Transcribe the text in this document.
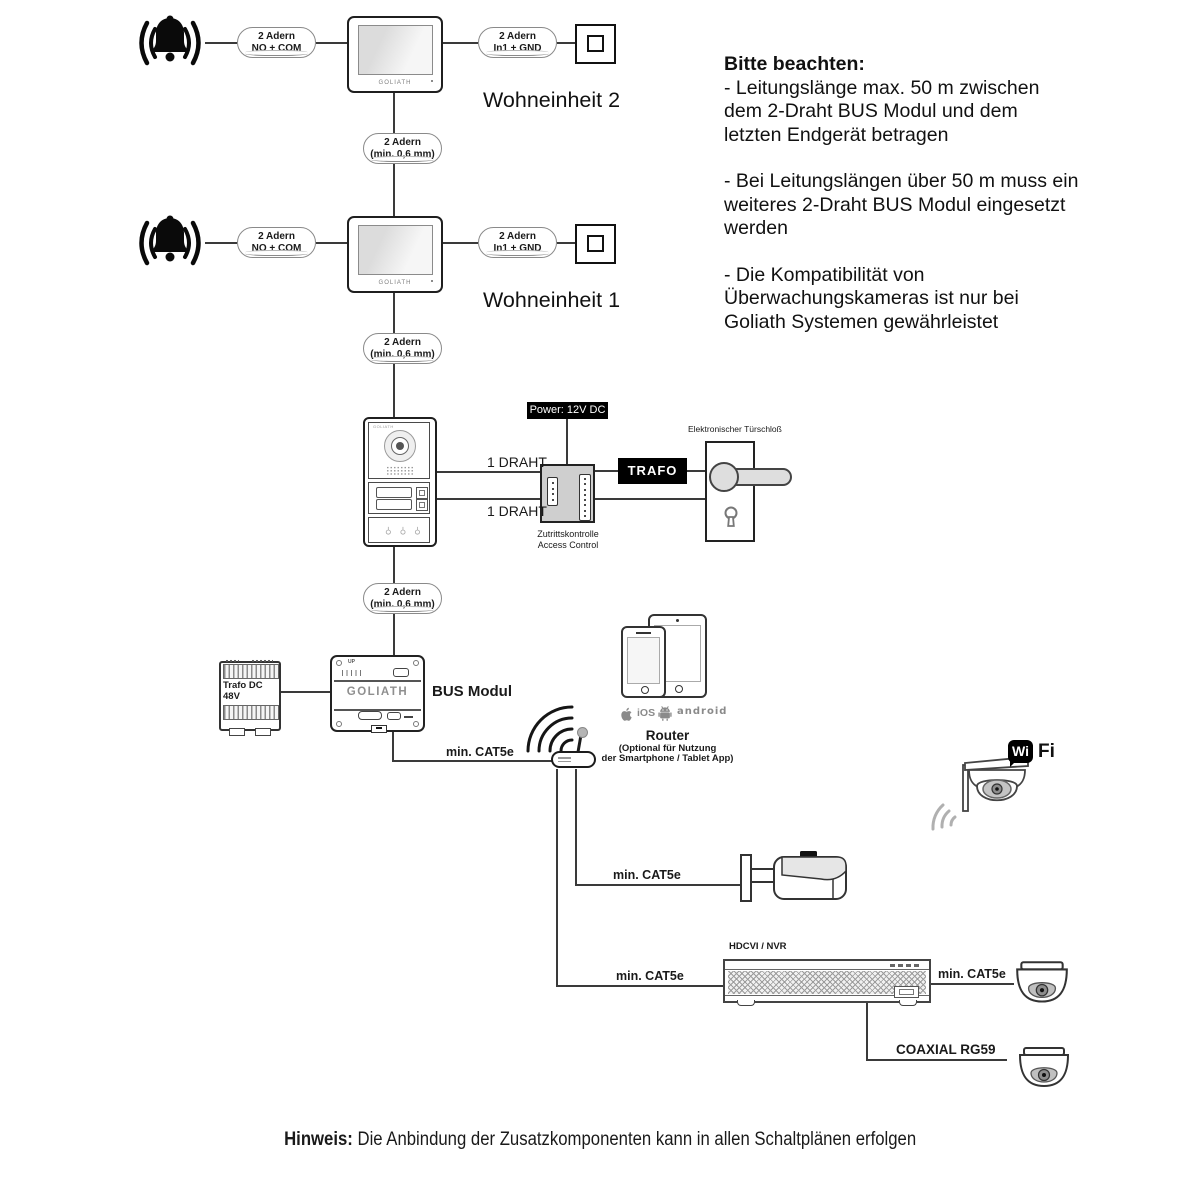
2 Adern
NO + COM
GOLIATH
2 Adern
In1 + GND
Wohneinheit 2
2 Adern
(min. 0,6 mm)
2 Adern
NO + COM
GOLIATH
2 Adern
In1 + GND
Wohneinheit 1
2 Adern
(min. 0,6 mm)
GOLIATH
⚲⚲⚲
2 Adern
(min. 0,6 mm)
Power: 12V DC
1 DRAHT
1 DRAHT
Zutrittskontrolle
Access Control
TRAFO
Elektronischer Türschloß
Trafo DC 48V
UP
GOLIATH	BUS Modul
min. CAT5e
min. CAT5e
min. CAT5e	min. CAT5e
COAXIAL RG59
iOS android
Router
(Optional für Nutzung
der Smartphone / Tablet App)	Wi Fi
HDCVI / NVR
Bitte beachten:
- Leitungslänge max. 50 m zwischen
dem 2-Draht BUS Modul und dem
letzten Endgerät betragen
- Bei Leitungslängen über 50 m muss ein
weiteres 2-Draht BUS Modul eingesetzt
werden
- Die Kompatibilität von
Überwachungskameras ist nur bei
Goliath Systemen gewährleistet
Hinweis: Die Anbindung der Zusatzkomponenten kann in allen Schaltplänen erfolgen
